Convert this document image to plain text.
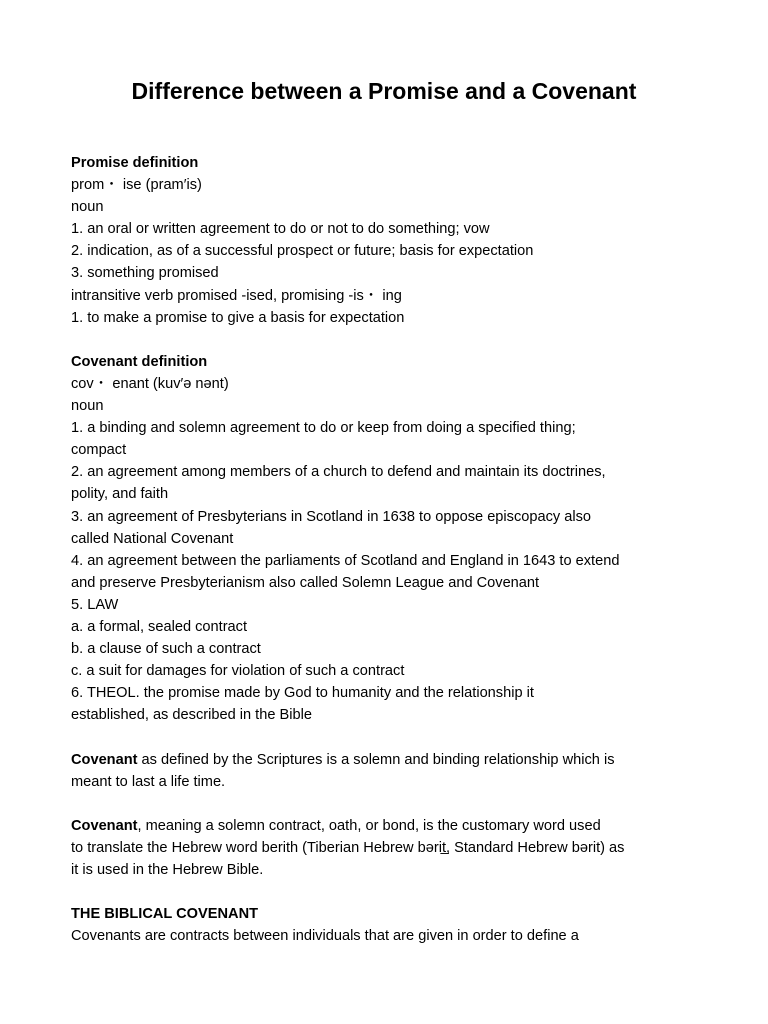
Difference between a Promise and a Covenant
Promise definition
prom・ ise (pram′is)
noun
1. an oral or written agreement to do or not to do something; vow
2. indication, as of a successful prospect or future; basis for expectation
3. something promised
intransitive verb promised -ised, promising -is・ ing
1. to make a promise to give a basis for expectation
Covenant definition
cov・ enant (kuv′ə nənt)
noun
1. a binding and solemn agreement to do or keep from doing a specified thing;
compact
2. an agreement among members of a church to defend and maintain its doctrines,
polity, and faith
3. an agreement of Presbyterians in Scotland in 1638 to oppose episcopacy also
called National Covenant
4. an agreement between the parliaments of Scotland and England in 1643 to extend
and preserve Presbyterianism also called Solemn League and Covenant
5. LAW
a. a formal, sealed contract
b. a clause of such a contract
c. a suit for damages for violation of such a contract
6. THEOL. the promise made by God to humanity and the relationship it
established, as described in the Bible
Covenant as defined by the Scriptures is a solemn and binding relationship which is
meant to last a life time.
Covenant, meaning a solemn contract, oath, or bond, is the customary word used
to translate the Hebrew word berith (Tiberian Hebrew bərit̲, Standard Hebrew bərit) as
it is used in the Hebrew Bible.
THE BIBLICAL COVENANT
Covenants are contracts between individuals that are given in order to define a
